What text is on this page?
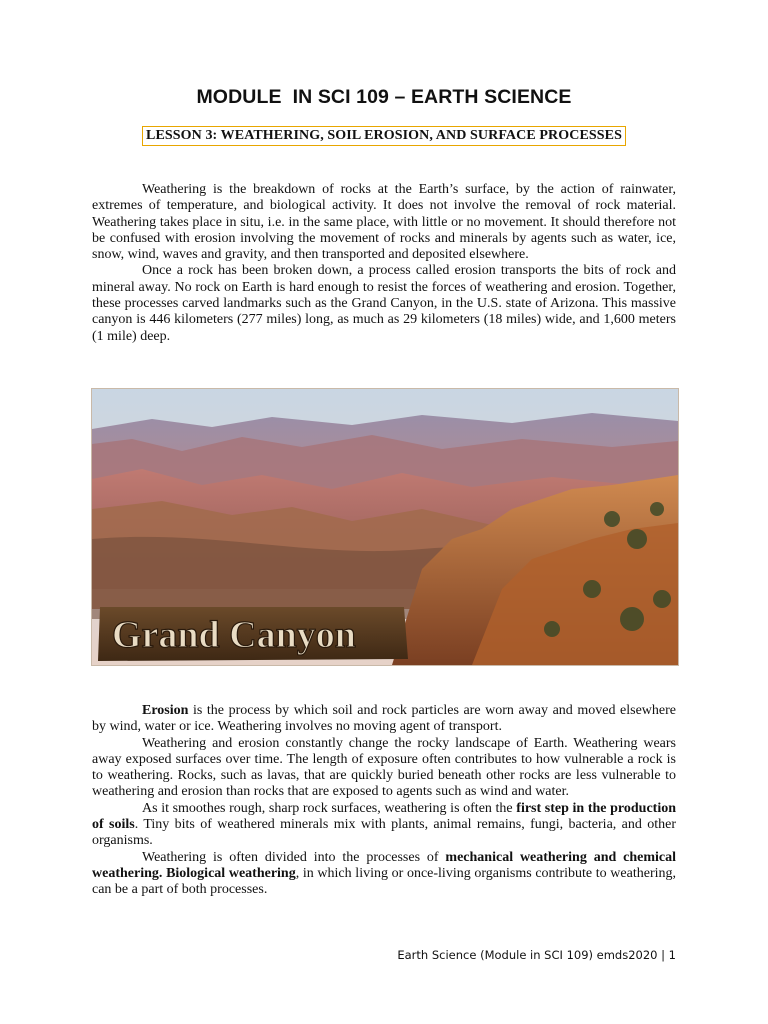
MODULE  IN SCI 109 – EARTH SCIENCE
LESSON 3: WEATHERING, SOIL EROSION, AND SURFACE PROCESSES

Weathering is the breakdown of rocks at the Earth’s surface, by the action of rainwater, extremes of temperature, and biological activity. It does not involve the removal of rock material. Weathering takes place in situ, i.e. in the same place, with little or no movement. It should therefore not be confused with erosion involving the movement of rocks and minerals by agents such as water, ice, snow, wind, waves and gravity, and then transported and deposited elsewhere.

Once a rock has been broken down, a process called erosion transports the bits of rock and mineral away. No rock on Earth is hard enough to resist the forces of weathering and erosion. Together, these processes carved landmarks such as the Grand Canyon, in the U.S. state of Arizona. This massive canyon is 446 kilometers (277 miles) long, as much as 29 kilometers (18 miles) wide, and 1,600 meters (1 mile) deep.

Grand Canyon

Erosion is the process by which soil and rock particles are worn away and moved elsewhere by wind, water or ice. Weathering involves no moving agent of transport.

Weathering and erosion constantly change the rocky landscape of Earth. Weathering wears away exposed surfaces over time. The length of exposure often contributes to how vulnerable a rock is to weathering. Rocks, such as lavas, that are quickly buried beneath other rocks are less vulnerable to weathering and erosion than rocks that are exposed to agents such as wind and water.

As it smoothes rough, sharp rock surfaces, weathering is often the first step in the production of soils. Tiny bits of weathered minerals mix with plants, animal remains, fungi, bacteria, and other organisms.

Weathering is often divided into the processes of mechanical weathering and chemical weathering. Biological weathering, in which living or once-living organisms contribute to weathering, can be a part of both processes.

Earth Science (Module in SCI 109) emds2020 | 1
